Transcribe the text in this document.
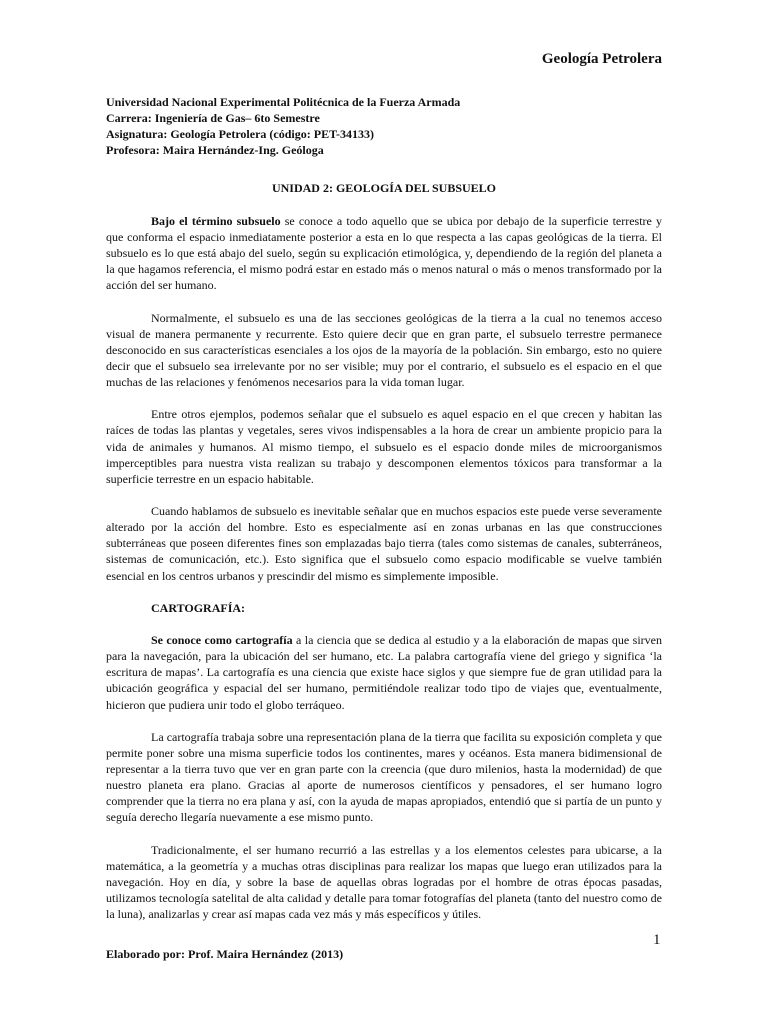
Geología Petrolera
Universidad Nacional Experimental Politécnica de la Fuerza Armada
Carrera: Ingeniería de Gas– 6to Semestre
Asignatura: Geología Petrolera (código: PET-34133)
Profesora: Maira Hernández-Ing. Geóloga
UNIDAD 2: GEOLOGÍA DEL SUBSUELO

Bajo el término subsuelo se conoce a todo aquello que se ubica por debajo de la superficie terrestre y que conforma el espacio inmediatamente posterior a esta en lo que respecta a las capas geológicas de la tierra. El subsuelo es lo que está abajo del suelo, según su explicación etimológica, y, dependiendo de la región del planeta a la que hagamos referencia, el mismo podrá estar en estado más o menos natural o más o menos transformado por la acción del ser humano.

Normalmente, el subsuelo es una de las secciones geológicas de la tierra a la cual no tenemos acceso visual de manera permanente y recurrente. Esto quiere decir que en gran parte, el subsuelo terrestre permanece desconocido en sus características esenciales a los ojos de la mayoría de la población. Sin embargo, esto no quiere decir que el subsuelo sea irrelevante por no ser visible; muy por el contrario, el subsuelo es el espacio en el que muchas de las relaciones y fenómenos necesarios para la vida toman lugar.

Entre otros ejemplos, podemos señalar que el subsuelo es aquel espacio en el que crecen y habitan las raíces de todas las plantas y vegetales, seres vivos indispensables a la hora de crear un ambiente propicio para la vida de animales y humanos. Al mismo tiempo, el subsuelo es el espacio donde miles de microorganismos imperceptibles para nuestra vista realizan su trabajo y descomponen elementos tóxicos para transformar a la superficie terrestre en un espacio habitable.

Cuando hablamos de subsuelo es inevitable señalar que en muchos espacios este puede verse severamente alterado por la acción del hombre. Esto es especialmente así en zonas urbanas en las que construcciones subterráneas que poseen diferentes fines son emplazadas bajo tierra (tales como sistemas de canales, subterráneos, sistemas de comunicación, etc.). Esto significa que el subsuelo como espacio modificable se vuelve también esencial en los centros urbanos y prescindir del mismo es simplemente imposible.

CARTOGRAFÍA:

Se conoce como cartografía a la ciencia que se dedica al estudio y a la elaboración de mapas que sirven para la navegación, para la ubicación del ser humano, etc. La palabra cartografía viene del griego y significa ‘la escritura de mapas’. La cartografía es una ciencia que existe hace siglos y que siempre fue de gran utilidad para la ubicación geográfica y espacial del ser humano, permitiéndole realizar todo tipo de viajes que, eventualmente, hicieron que pudiera unir todo el globo terráqueo.

La cartografía trabaja sobre una representación plana de la tierra que facilita su exposición completa y que permite poner sobre una misma superficie todos los continentes, mares y océanos. Esta manera bidimensional de representar a la tierra tuvo que ver en gran parte con la creencia (que duro milenios, hasta la modernidad) de que nuestro planeta era plano. Gracias al aporte de numerosos científicos y pensadores, el ser humano logro comprender que la tierra no era plana y así, con la ayuda de mapas apropiados, entendió que si partía de un punto y seguía derecho llegaría nuevamente a ese mismo punto.

Tradicionalmente, el ser humano recurrió a las estrellas y a los elementos celestes para ubicarse, a la matemática, a la geometría y a muchas otras disciplinas para realizar los mapas que luego eran utilizados para la navegación. Hoy en día, y sobre la base de aquellas obras logradas por el hombre de otras épocas pasadas, utilizamos tecnología satelital de alta calidad y detalle para tomar fotografías del planeta (tanto del nuestro como de la luna), analizarlas y crear así mapas cada vez más y más específicos y útiles.

1
Elaborado por: Prof. Maira Hernández (2013)
